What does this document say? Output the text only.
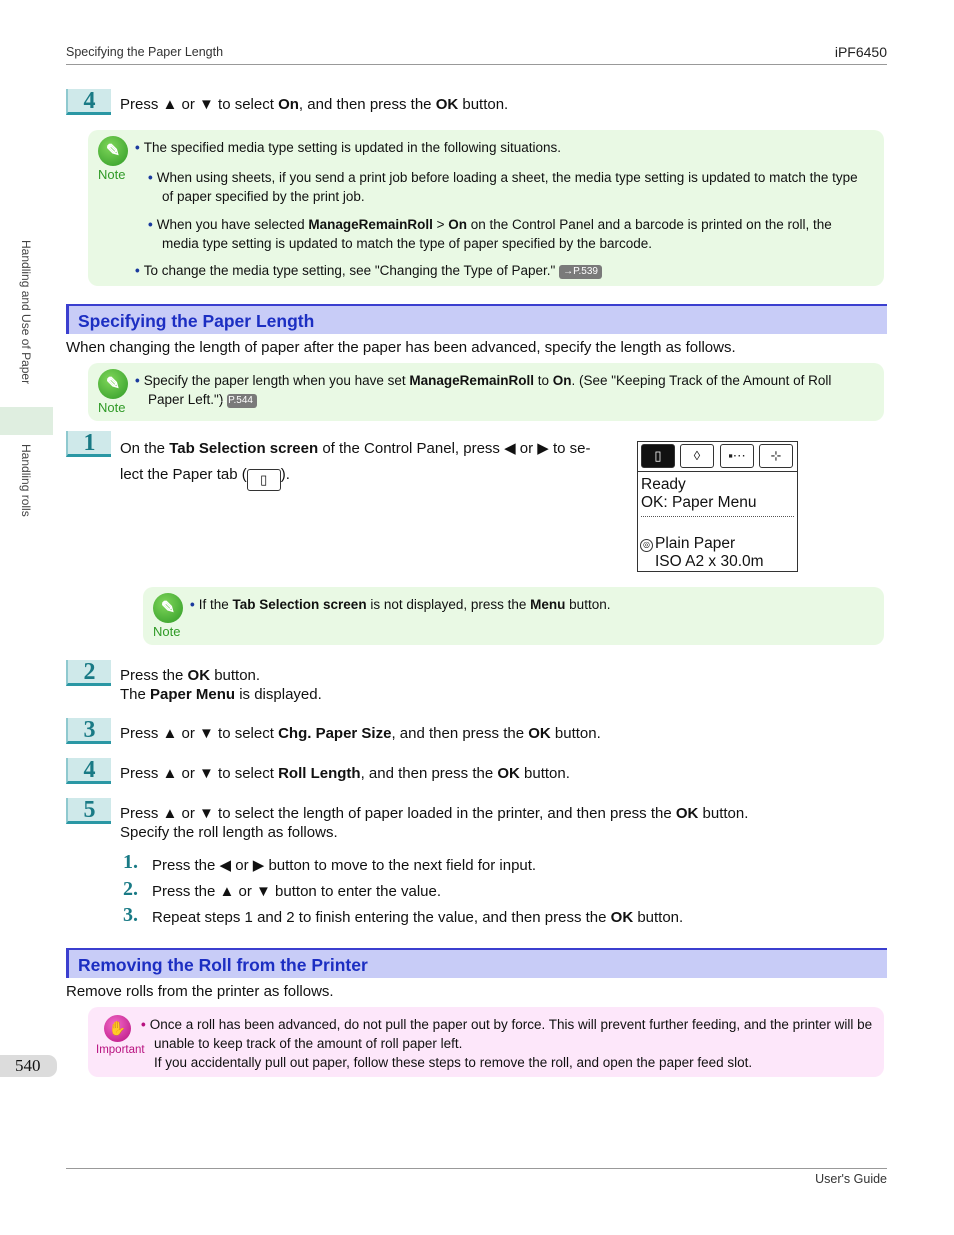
Specifying the Paper Length	iPF6450
User's Guide
Handling and Use of Paper
Handling rolls
540
4	Press ▲ or ▼ to select On, and then press the OK button.
✎
Note
• The specified media type setting is updated in the following situations.
• When using sheets, if you send a print job before loading a sheet, the media type setting is updated to match the type of paper specified by the print job.
• When you have selected ManageRemainRoll > On on the Control Panel and a barcode is printed on the roll, the media type setting is updated to match the type of paper specified by the barcode.
• To change the media type setting, see "Changing the Type of Paper." →P.539
Specifying the Paper Length
When changing the length of paper after the paper has been advanced, specify the length as follows.
✎
Note
• Specify the paper length when you have set ManageRemainRoll to On. (See "Keeping Track of the Amount of Roll Paper Left.") →P.544
1	On the Tab Selection screen of the Control Panel, press ◀ or ▶ to se-
lect the Paper tab ( ▯ ).
▯	◊	▪⋯	⊹
Ready
OK: Paper Menu
◎ Plain Paper
ISO A2 x 30.0m
✎
Note
• If the Tab Selection screen is not displayed, press the Menu button.
2	Press the OK button.
The Paper Menu is displayed.
3	Press ▲ or ▼ to select Chg. Paper Size, and then press the OK button.
4	Press ▲ or ▼ to select Roll Length, and then press the OK button.
5	Press ▲ or ▼ to select the length of paper loaded in the printer, and then press the OK button.
Specify the roll length as follows.
1. Press the ◀ or ▶ button to move to the next field for input.
2. Press the ▲ or ▼ button to enter the value.
3. Repeat steps 1 and 2 to finish entering the value, and then press the OK button.
Removing the Roll from the Printer
Remove rolls from the printer as follows.
✋
Important
• Once a roll has been advanced, do not pull the paper out by force. This will prevent further feeding, and the printer will be
unable to keep track of the amount of roll paper left.
If you accidentally pull out paper, follow these steps to remove the roll, and open the paper feed slot.
